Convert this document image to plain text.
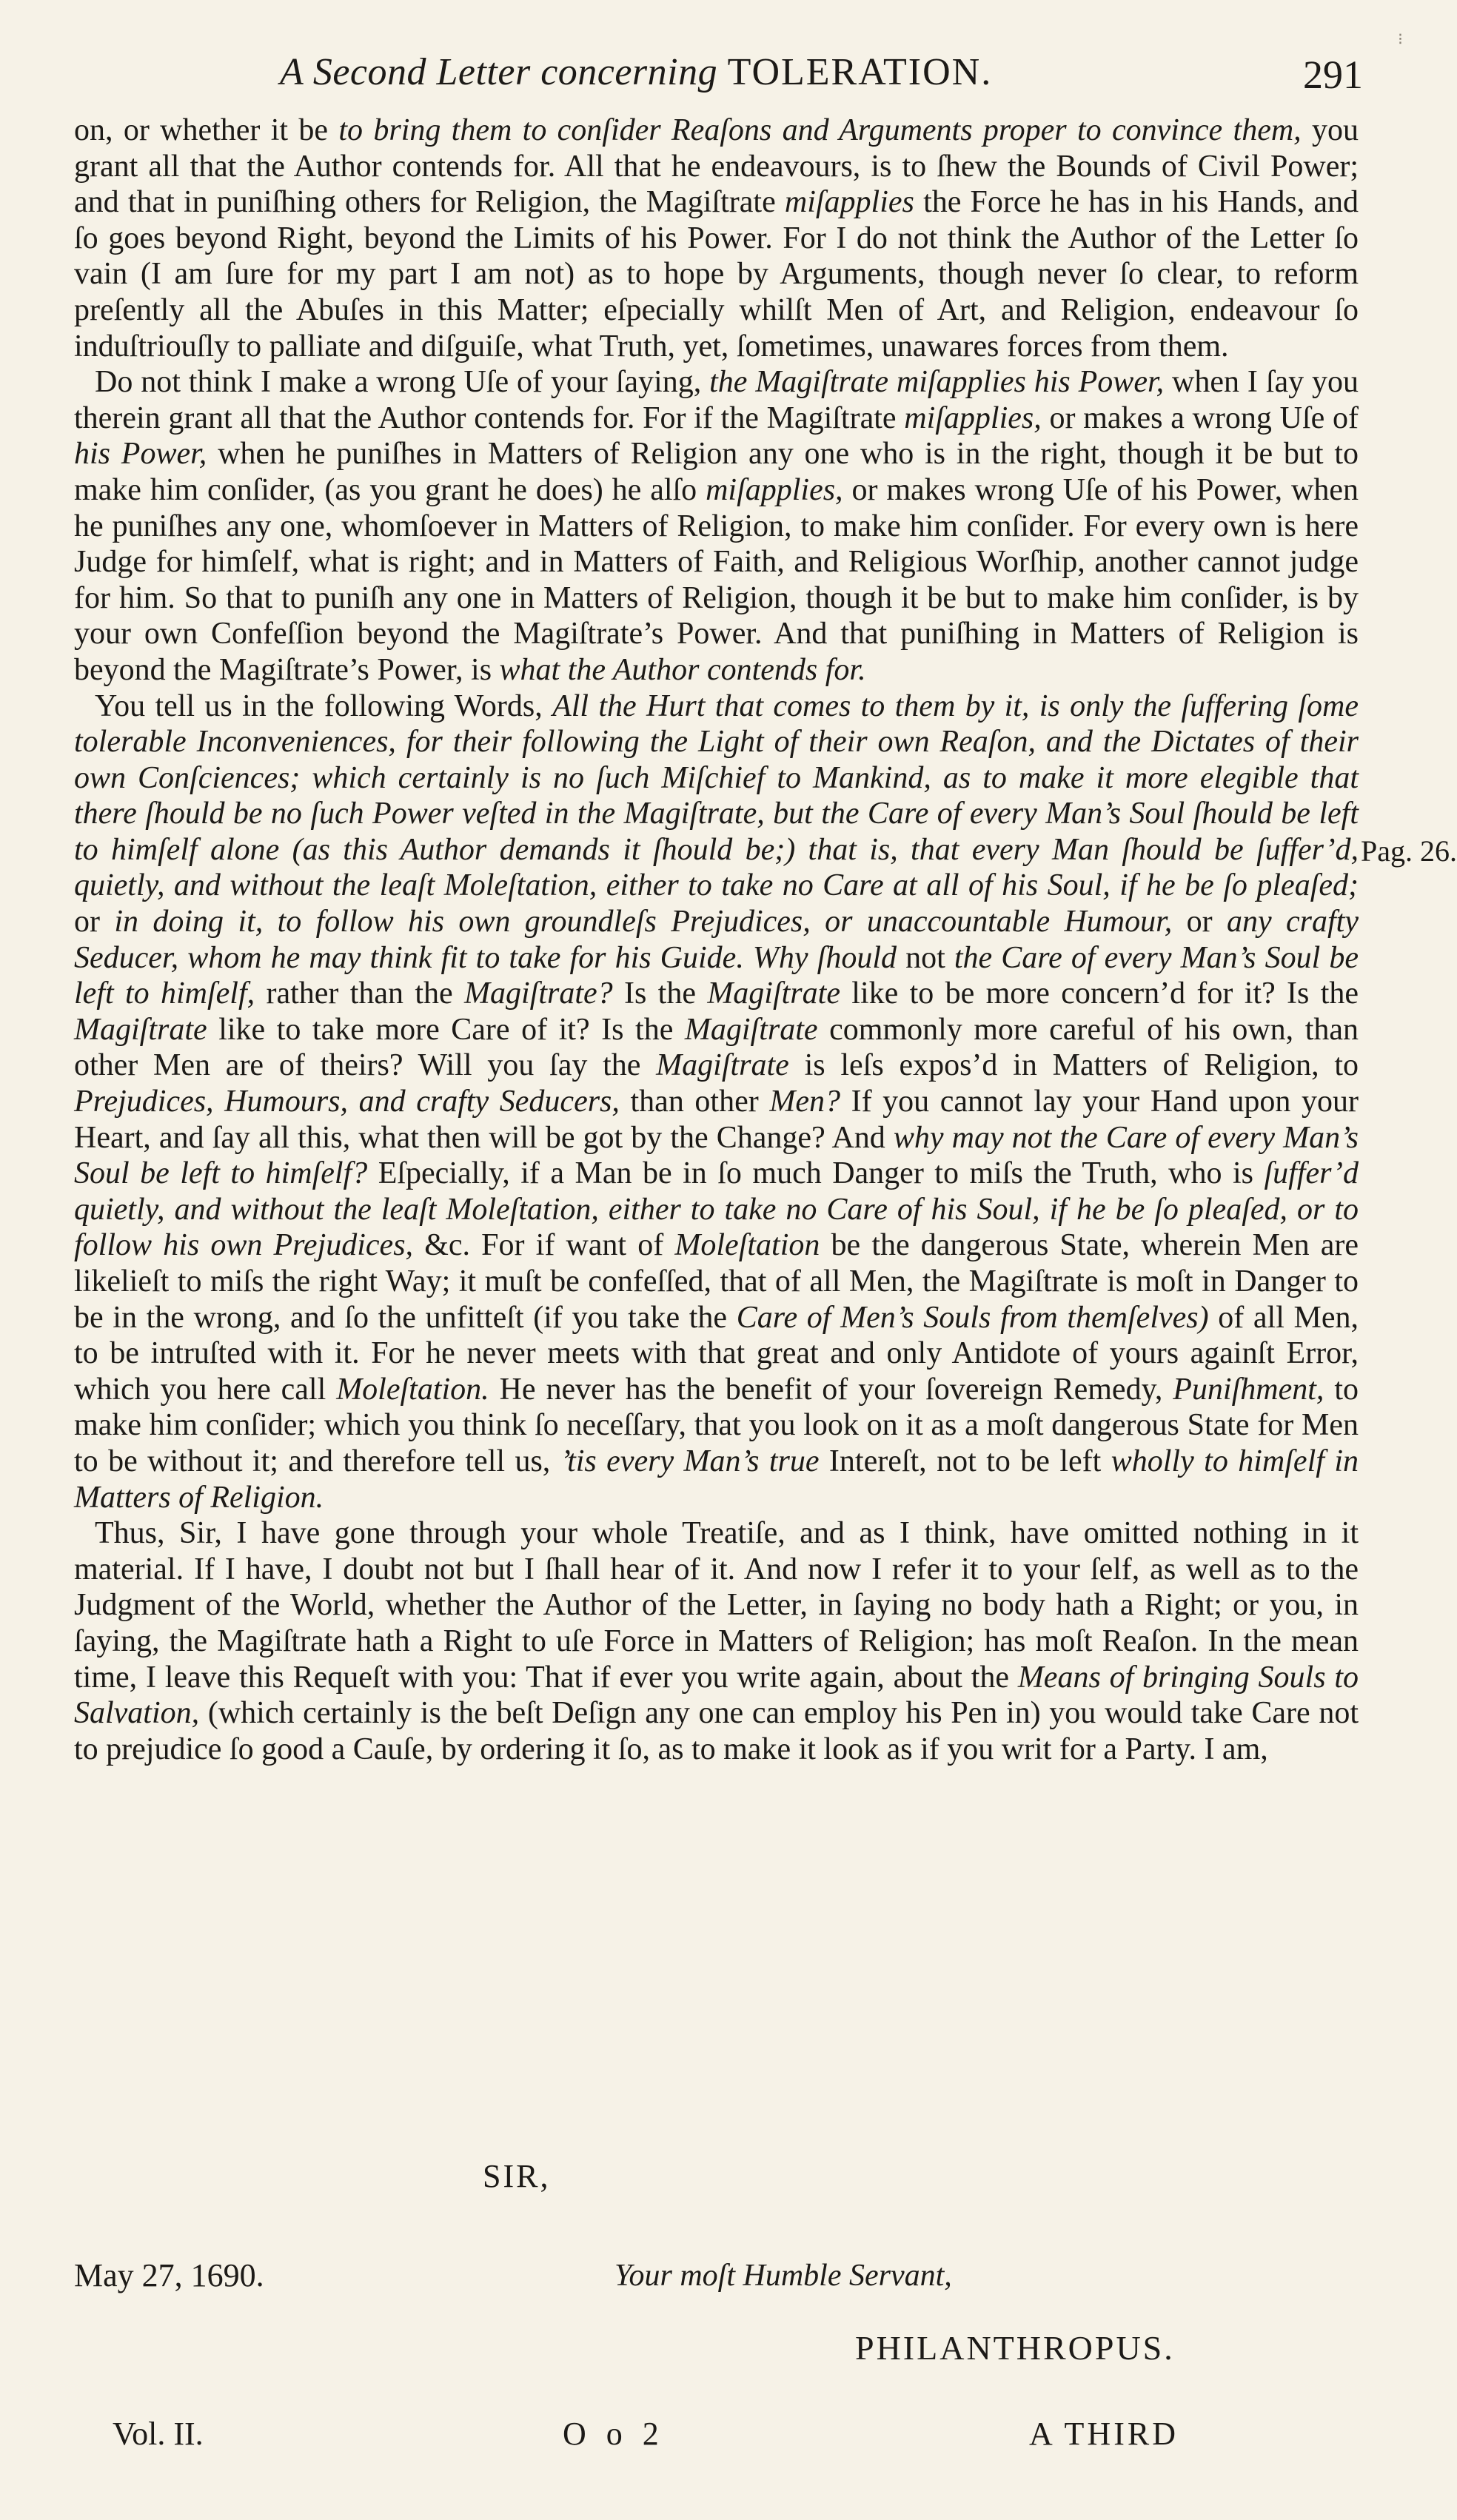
⁝
A Second Letter concerning TOLERATION.	291

on, or whether it be to bring them to conſider Reaſons and Arguments proper to convince them, you grant all that the Author contends for. All that he endeavours, is to ſhew the Bounds of Civil Power; and that in puniſhing others for Religion, the Magiſtrate miſapplies the Force he has in his Hands, and ſo goes beyond Right, beyond the Limits of his Power. For I do not think the Author of the Letter ſo vain (I am ſure for my part I am not) as to hope by Arguments, though never ſo clear, to reform preſently all the Abuſes in this Matter; eſpecially whilſt Men of Art, and Religion, endeavour ſo induſtriouſly to palliate and diſguiſe, what Truth, yet, ſometimes, unawares forces from them.

Do not think I make a wrong Uſe of your ſaying, the Magiſtrate miſapplies his Power, when I ſay you therein grant all that the Author contends for. For if the Magiſtrate miſapplies, or makes a wrong Uſe of his Power, when he puniſhes in Matters of Religion any one who is in the right, though it be but to make him conſider, (as you grant he does) he alſo miſapplies, or makes wrong Uſe of his Power, when he puniſhes any one, whomſoever in Matters of Religion, to make him conſider. For every own is here Judge for himſelf, what is right; and in Matters of Faith, and Religious Worſhip, another cannot judge for him. So that to puniſh any one in Matters of Religion, though it be but to make him conſider, is by your own Confeſſion beyond the Magiſtrate’s Power. And that puniſhing in Matters of Religion is beyond the Magiſtrate’s Power, is what the Author contends for.

You tell us in the following Words, All the Hurt that comes to them by it, is only the ſuffering ſome tolerable Inconveniences, for their following the Light of their own Reaſon, and the Dictates of their own Conſciences; which certainly is no ſuch Miſchief to Mankind, as to make it more elegible that there ſhould be no ſuch Power veſted in the Magiſtrate, but the Care of every Man’s Soul ſhould be left to himſelf alone (as this Author demands it ſhould be;) that is, that every Man ſhould be ſuffer’d, quietly, and without the leaſt Moleſtation, either to take no Care at all of his Soul, if he be ſo pleaſed; or in doing it, to follow his own groundleſs Prejudices, or unaccountable Humour, or any crafty Seducer, whom he may think fit to take for his Guide. Why ſhould not the Care of every Man’s Soul be left to himſelf, rather than the Magiſtrate? Is the Magiſtrate like to be more concern’d for it? Is the Magiſtrate like to take more Care of it? Is the Magiſtrate commonly more careful of his own, than other Men are of theirs? Will you ſay the Magiſtrate is leſs expos’d in Matters of Religion, to Prejudices, Humours, and crafty Seducers, than other Men? If you cannot lay your Hand upon your Heart, and ſay all this, what then will be got by the Change? And why may not the Care of every Man’s Soul be left to himſelf? Eſpecially, if a Man be in ſo much Danger to miſs the Truth, who is ſuffer’d quietly, and without the leaſt Moleſtation, either to take no Care of his Soul, if he be ſo pleaſed, or to follow his own Prejudices, &c. For if want of Moleſtation be the dangerous State, wherein Men are likelieſt to miſs the right Way; it muſt be confeſſed, that of all Men, the Magiſtrate is moſt in Danger to be in the wrong, and ſo the unfitteſt (if you take the Care of Men’s Souls from themſelves) of all Men, to be intruſted with it. For he never meets with that great and only Antidote of yours againſt Error, which you here call Moleſtation. He never has the benefit of your ſovereign Remedy, Puniſhment, to make him conſider; which you think ſo neceſſary, that you look on it as a moſt dangerous State for Men to be without it; and therefore tell us, ’tis every Man’s true Intereſt, not to be left wholly to himſelf in Matters of Religion.

Thus, Sir, I have gone through your whole Treatiſe, and as I think, have omitted nothing in it material. If I have, I doubt not but I ſhall hear of it. And now I refer it to your ſelf, as well as to the Judgment of the World, whether the Author of the Letter, in ſaying no body hath a Right; or you, in ſaying, the Magiſtrate hath a Right to uſe Force in Matters of Religion; has moſt Reaſon. In the mean time, I leave this Requeſt with you: That if ever you write again, about the Means of bringing Souls to Salvation, (which certainly is the beſt Deſign any one can employ his Pen in) you would take Care not to prejudice ſo good a Cauſe, by ordering it ſo, as to make it look as if you writ for a Party. I am,

Pag. 26.
SIR,
May 27, 1690.	Your moſt Humble Servant,
PHILANTHROPUS.
Vol. II.	O o 2	A THIRD
